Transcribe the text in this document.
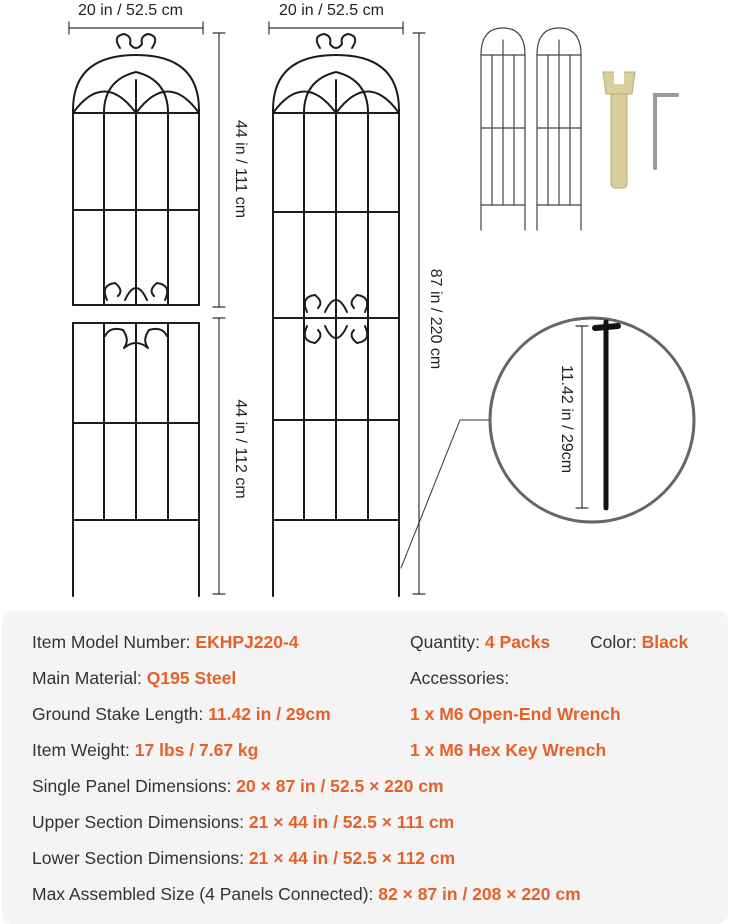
20 in / 52.5 cm	20 in / 52.5 cm
44 in / 111 cm
44 in / 112 cm
87 in / 220 cm
11.42 in / 29cm
Item Model Number: EKHPJ220-4
Main Material: Q195 Steel
Ground Stake Length: 11.42 in / 29cm
Item Weight: 17 lbs / 7.67 kg
Single Panel Dimensions: 20 × 87 in / 52.5 × 220 cm
Upper Section Dimensions: 21 × 44 in / 52.5 × 111 cm
Lower Section Dimensions: 21 × 44 in / 52.5 × 112 cm
Max Assembled Size (4 Panels Connected): 82 × 87 in / 208 × 220 cm
Quantity: 4 Packs Color: Black
Accessories:
1 x M6 Open-End Wrench
1 x M6 Hex Key Wrench
